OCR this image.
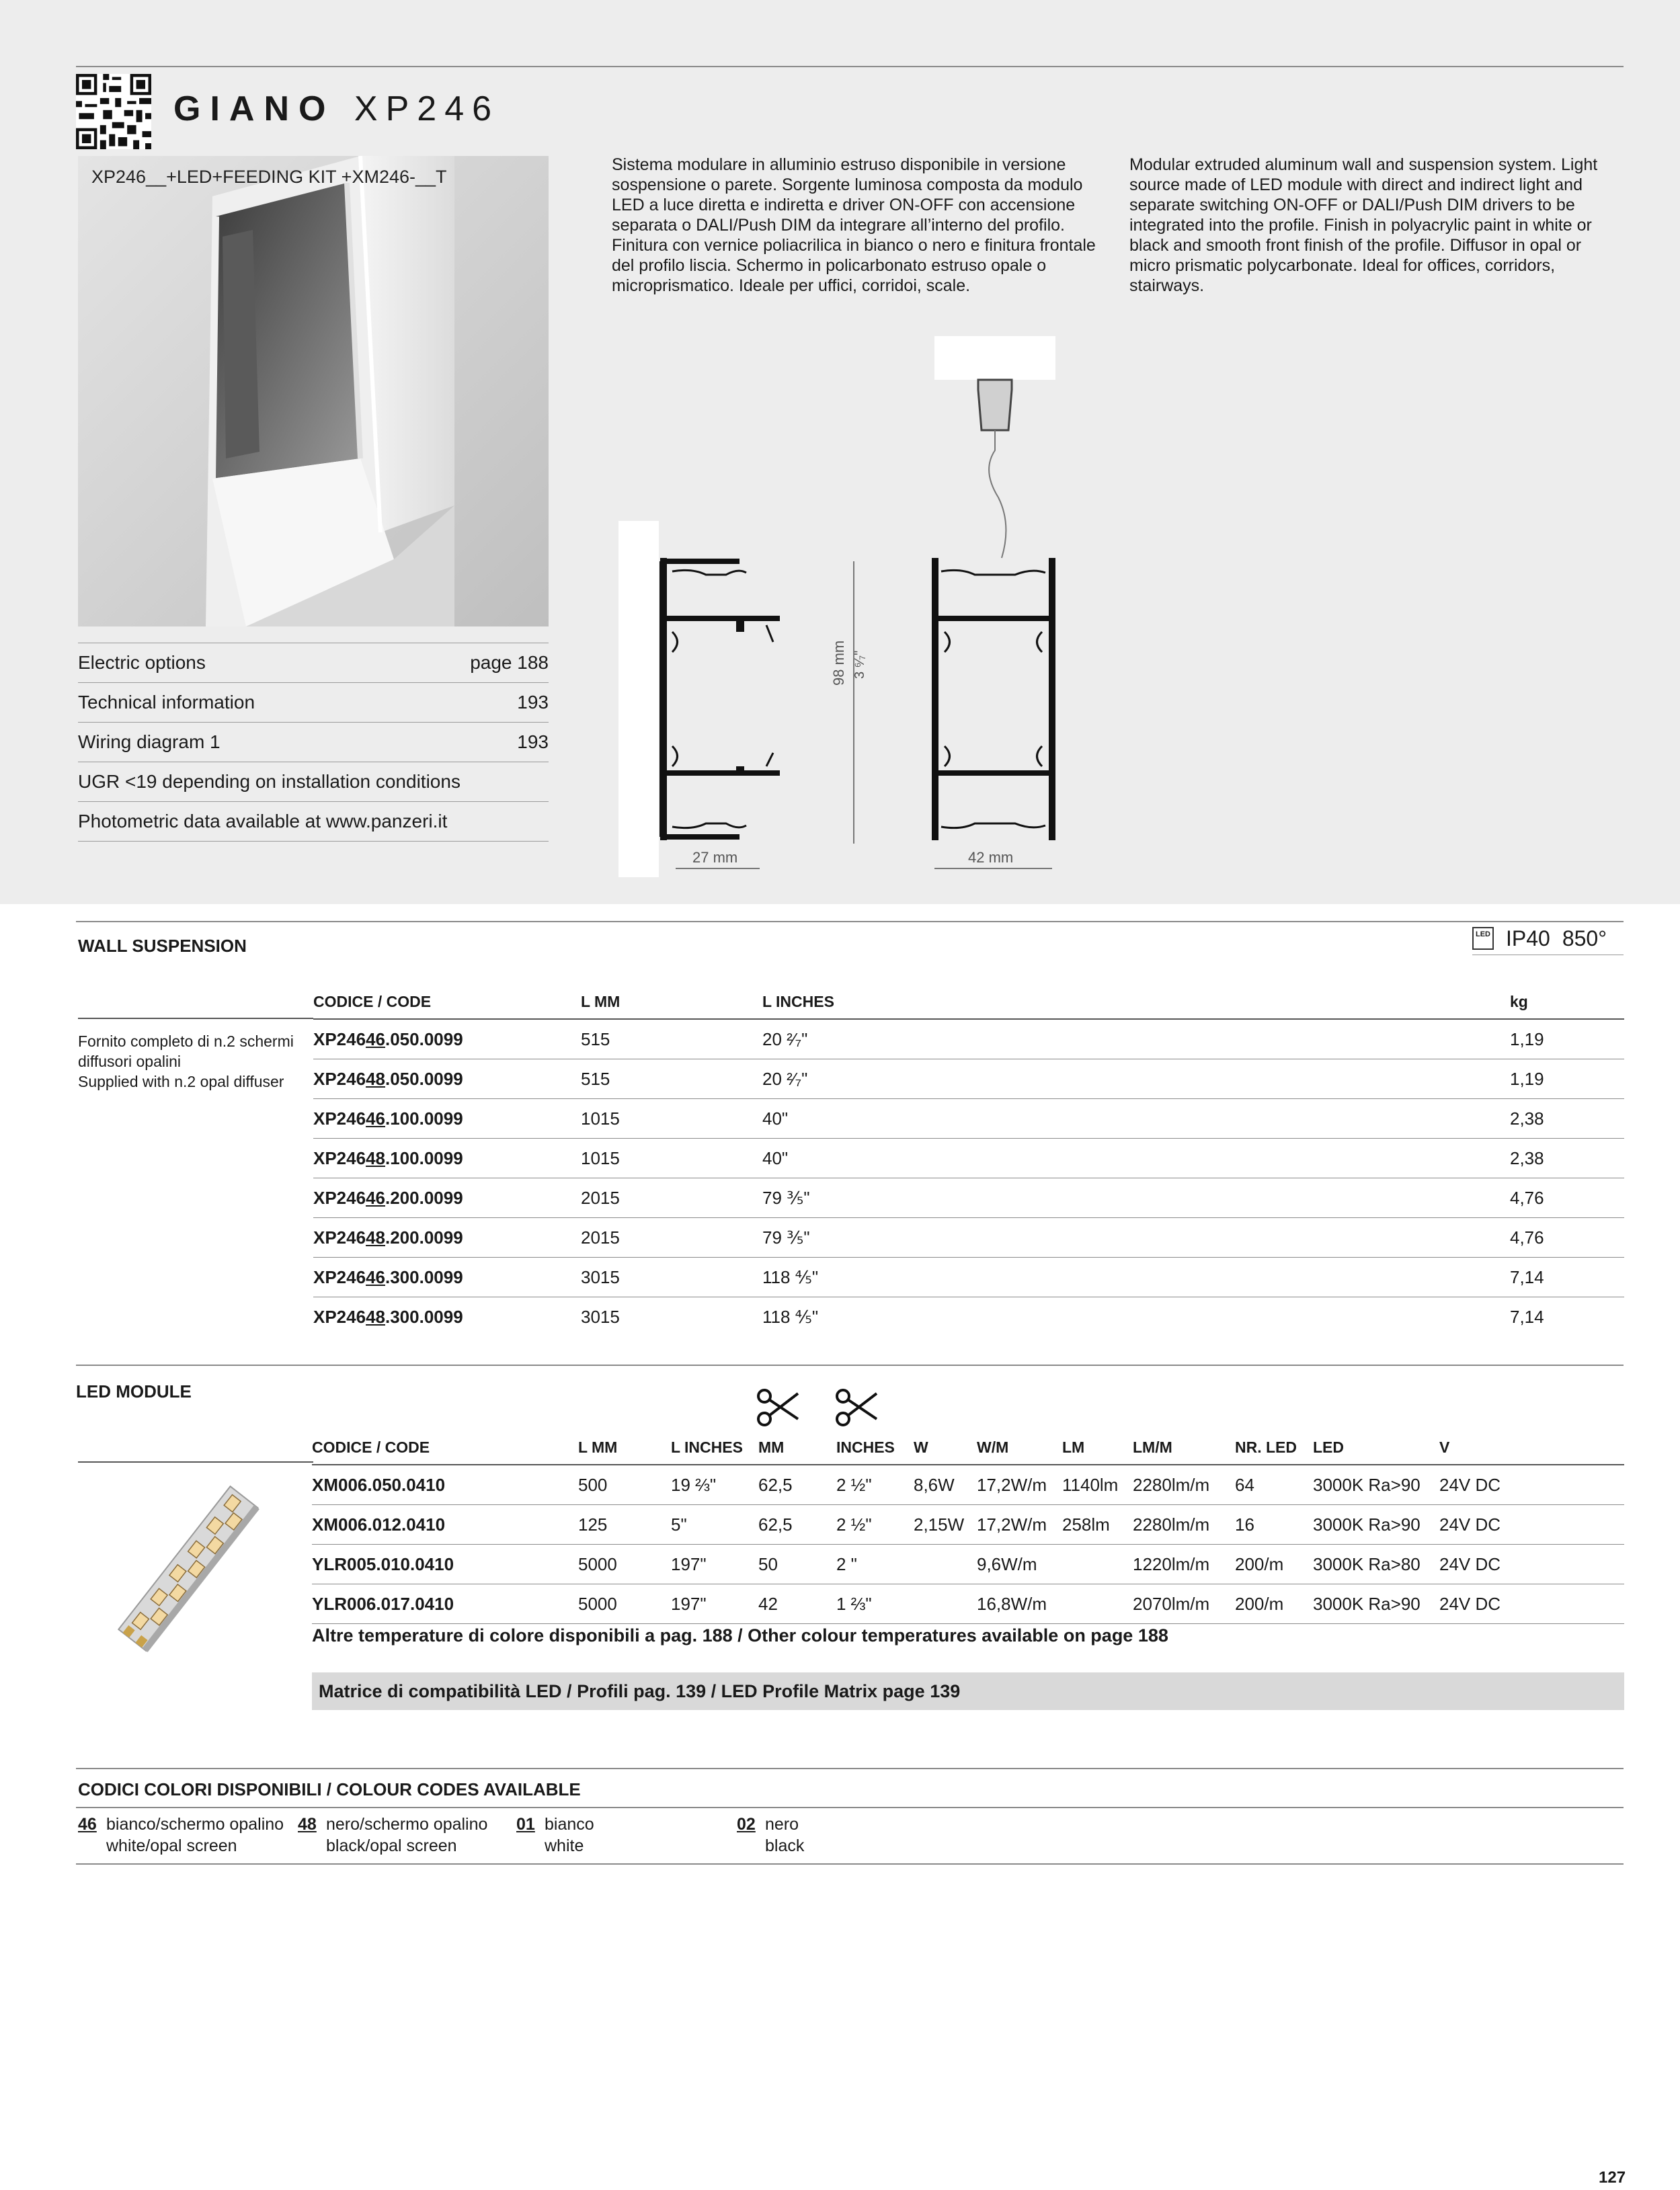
GIANO XP246
XP246__+LED+FEEDING KIT +XM246-__T
Electric options	page 188
Technical information	193
Wiring diagram 1	193
UGR <19 depending on installation conditions
Photometric data available at www.panzeri.it
Sistema modulare in alluminio estruso disponibile in versione sospensione o parete. Sorgente luminosa composta da modulo LED a luce diretta e indiretta e driver ON-OFF con accensione separata o DALI/Push DIM da integrare all’interno del profilo. Finitura con vernice poliacrilica in bianco o nero e finitura frontale del profilo liscia. Schermo in policarbonato estruso opale o microprismatico. Ideale per uffici, corridoi, scale.
Modular extruded aluminum wall and suspension system. Light source made of LED module with direct and indirect light and separate switching ON-OFF or DALI/Push DIM drivers to be integrated into the profile. Finish in polyacrylic paint in white or black and smooth front finish of the profile. Diffusor in opal or micro prismatic polycarbonate. Ideal for offices, corridors, stairways.
98 mm 3 ⁶⁄₇"
27 mm	42 mm
WALL SUSPENSION
LED IP40 850°
Fornito completo di n.2 schermi
diffusori opalini
Supplied with n.2 opal diffuser
CODICE / CODE	L MM	L INCHES	kg
XP24646.050.0099	515	20 ²⁄₇"	1,19
XP24648.050.0099	515	20 ²⁄₇"	1,19
XP24646.100.0099	1015	40"	2,38
XP24648.100.0099	1015	40"	2,38
XP24646.200.0099	2015	79 ⅗"	4,76
XP24648.200.0099	2015	79 ⅗"	4,76
XP24646.300.0099	3015	118 ⅘"	7,14
XP24648.300.0099	3015	118 ⅘"	7,14
LED MODULE
CODICE / CODE	L MM	L INCHES	MM	INCHES	W	W/M	LM	LM/M	NR. LED	LED	V
XM006.050.0410	500	19 ⅔"	62,5	2 ½"	8,6W	17,2W/m	1140lm	2280lm/m	64	3000K Ra>90	24V DC
XM006.012.0410	125	5"	62,5	2 ½"	2,15W	17,2W/m	258lm	2280lm/m	16	3000K Ra>90	24V DC
YLR005.010.0410	5000	197"	50	2 "		9,6W/m		1220lm/m	200/m	3000K Ra>80	24V DC
YLR006.017.0410	5000	197"	42	1 ⅔"		16,8W/m		2070lm/m	200/m	3000K Ra>90	24V DC
Altre temperature di colore disponibili a pag. 188 / Other colour temperatures available on page 188
Matrice di compatibilità LED / Profili pag. 139 / LED Profile Matrix page 139
CODICI COLORI DISPONIBILI / COLOUR CODES AVAILABLE
46 bianco/schermo opalino
white/opal screen
48 nero/schermo opalino
black/opal screen
01 bianco
white
02 nero
black
127
